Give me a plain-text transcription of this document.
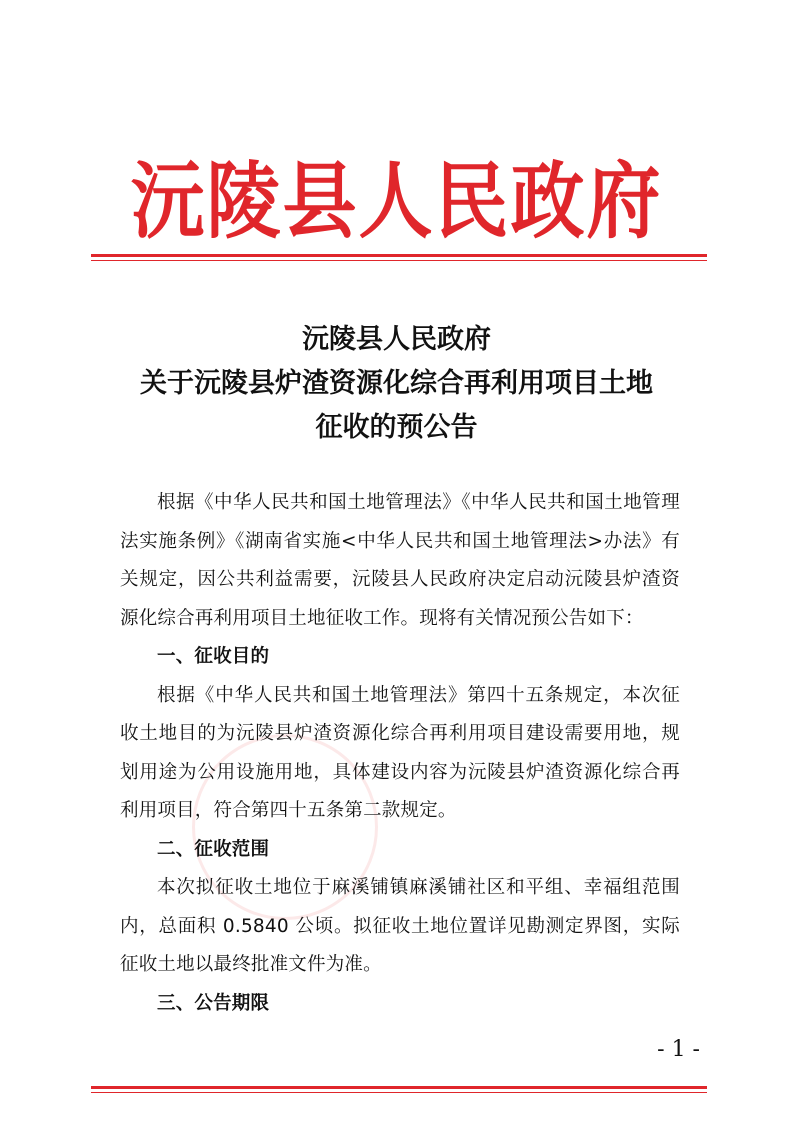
沅陵县人民政府
沅陵县人民政府
关于沅陵县炉渣资源化综合再利用项目土地
征收的预公告

根据《中华人民共和国土地管理法》《中华人民共和国土地管理法实施条例》《湖南省实施<中华人民共和国土地管理法>办法》有关规定，因公共利益需要，沅陵县人民政府决定启动沅陵县炉渣资源化综合再利用项目土地征收工作。现将有关情况预公告如下：

一、征收目的

根据《中华人民共和国土地管理法》第四十五条规定，本次征收土地目的为沅陵县炉渣资源化综合再利用项目建设需要用地，规划用途为公用设施用地，具体建设内容为沅陵县炉渣资源化综合再利用项目，符合第四十五条第二款规定。

二、征收范围

本次拟征收土地位于麻溪铺镇麻溪铺社区和平组、幸福组范围内，总面积 0.5840 公顷。拟征收土地位置详见勘测定界图，实际征收土地以最终批准文件为准。

三、公告期限

- 1 -
